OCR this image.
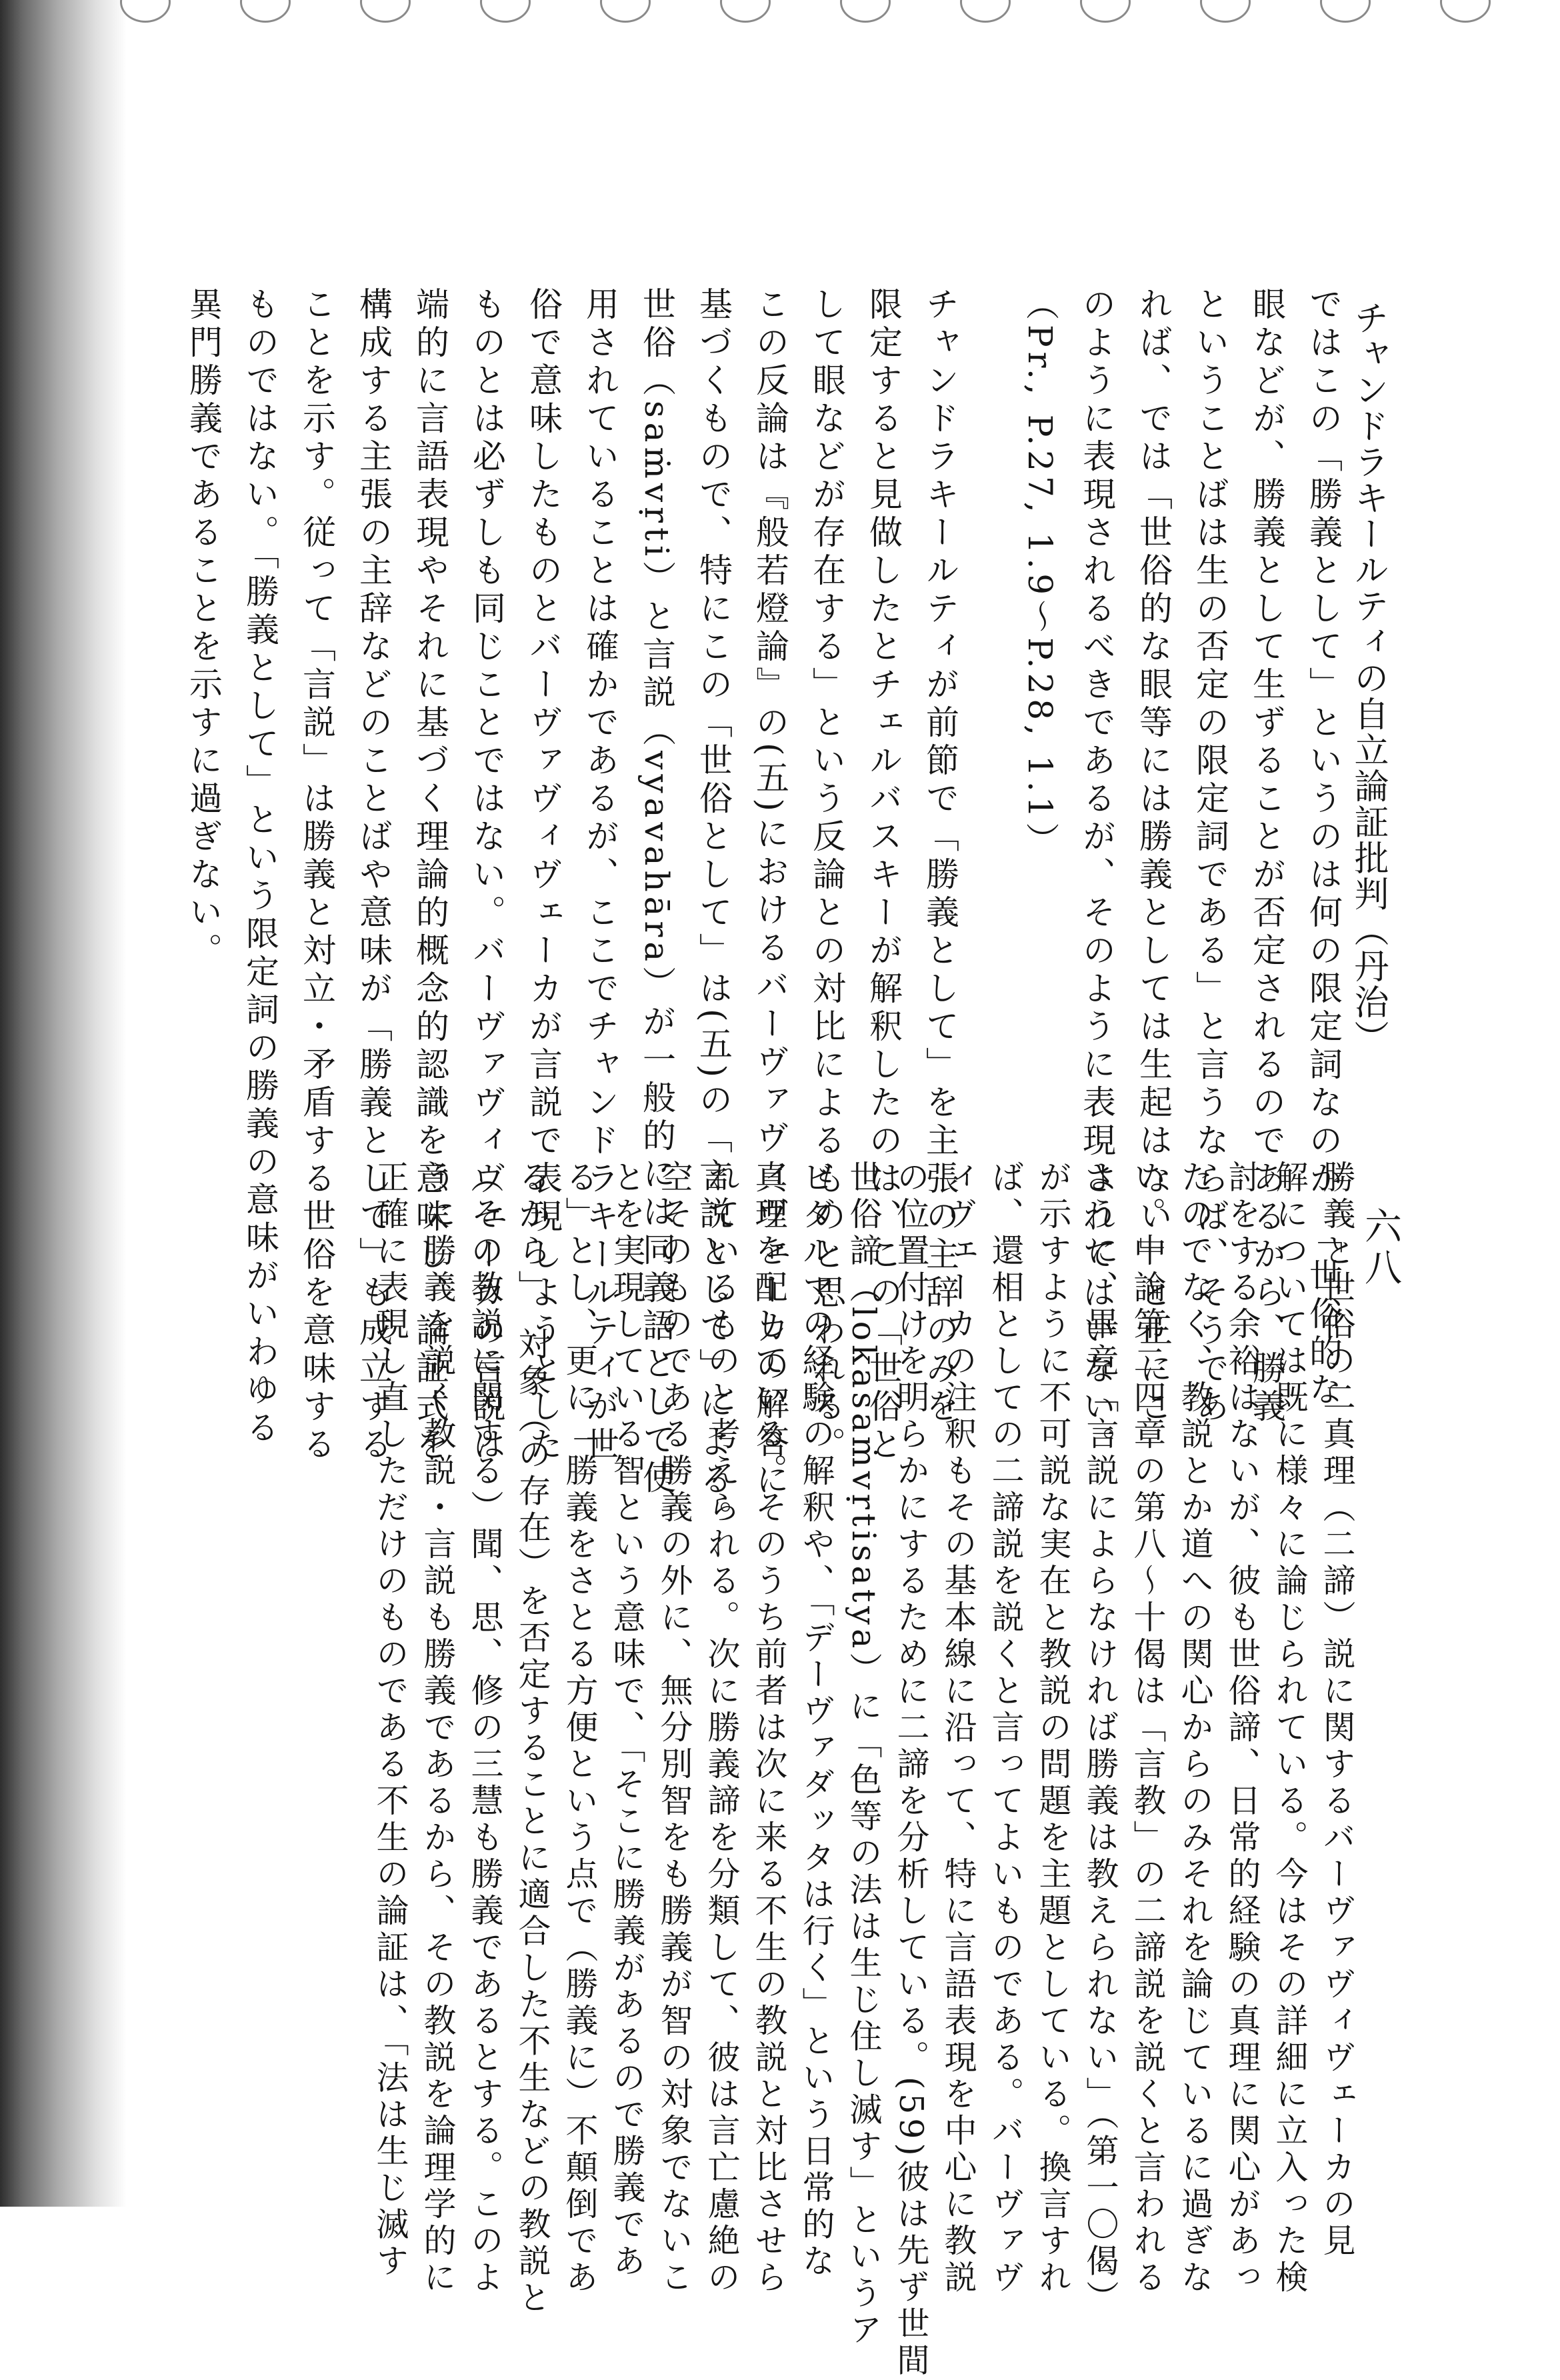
チャンドラキールティの自立論証批判（丹治）
六八
ではこの「勝義として」というのは何の限定詞なのか。「世俗的な
眼などが、勝義として生ずることが否定されるのであるから、勝義
ということばは生の否定の限定詞である」と言うならば、そうであ
れば、では「世俗的な眼等には勝義としては生起はない」と正にこ
のように表現されるべきであるが、そのように表現されてはいない。
（Pr., P.27, 1.9〜P.28, 1.1）
チャンドラキールティが前節で「勝義として」を主張の主辞のみを
限定すると見做したとチェルバスキーが解釈したのは、この「世俗と
して眼などが存在する」という反論との対比によるものと思われる。
この反論は『般若燈論』の(五)におけるバーヴァヴィヴェーカの解答に
基づくもので、特にこの「世俗として」は(五)の「言説として」による。
世俗（saṁvṛti）と言説（vyavahāra）が一般的には同義語として使
用されていることは確かであるが、ここでチャンドラキールティが世
俗で意味したものとバーヴァヴィヴェーカが言説で表現しようとした
ものとは必ずしも同じことではない。バーヴァヴィヴェーカの言説は
端的に言語表現やそれに基づく理論的概念的認識を意味し、論証式を
構成する主張の主辞などのことばや意味が「勝義として」も成立する
ことを示す。従って「言説」は勝義と対立・矛盾する世俗を意味する
ものではない。「勝義として」という限定詞の勝義の意味がいわゆる
異門勝義であることを示すに過ぎない。
勝義と世俗の二真理（二諦）説に関するバーヴァヴィヴェーカの見
解については既に様々に論じられている。今はその詳細に立入った検
討をする余裕はないが、彼も世俗諦、日常的経験の真理に関心があっ
たのでなく、教説とか道への関心からのみそれを論じているに過ぎな
い。中論第二四章の第八〜十偈は「言教」の二諦説を説くと言われる
ように、畢竟「言説によらなければ勝義は教えられない」（第一〇偈）
が示すように不可説な実在と教説の問題を主題としている。換言すれ
ば、還相としての二諦説を説くと言ってよいものである。バーヴァヴ
ィヴェーカの注釈もその基本線に沿って、特に言語表現を中心に教説
の位置付けを明らかにするために二諦を分析している。(59)彼は先ず世間
世俗諦（lokasaṁvṛtisatya）に「色等の法は生じ住し滅す」というア
ビダルマの経験の解釈や、「デーヴァダッタは行く」という日常的な
真理を配している。そのうち前者は次に来る不生の教説と対比させら
れているものと考えられる。次に勝義諦を分類して、彼は言亡慮絶の
空そのものである勝義の外に、無分別智をも勝義が智の対象でないこ
とを実現している智という意味で、「そこに勝義があるので勝義であ
る」とし、更に「勝義をさとる方便という点で（勝義に）不顛倒であ
るから」、対象（の存在）を否定することに適合した不生などの教説と
（その教説に関する）聞、思、修の三慧も勝義であるとする。このよ
うに勝義を説く教説・言説も勝義であるから、その教説を論理学的に
正確に表現し直しただけのものである不生の論証は、「法は生じ滅す
